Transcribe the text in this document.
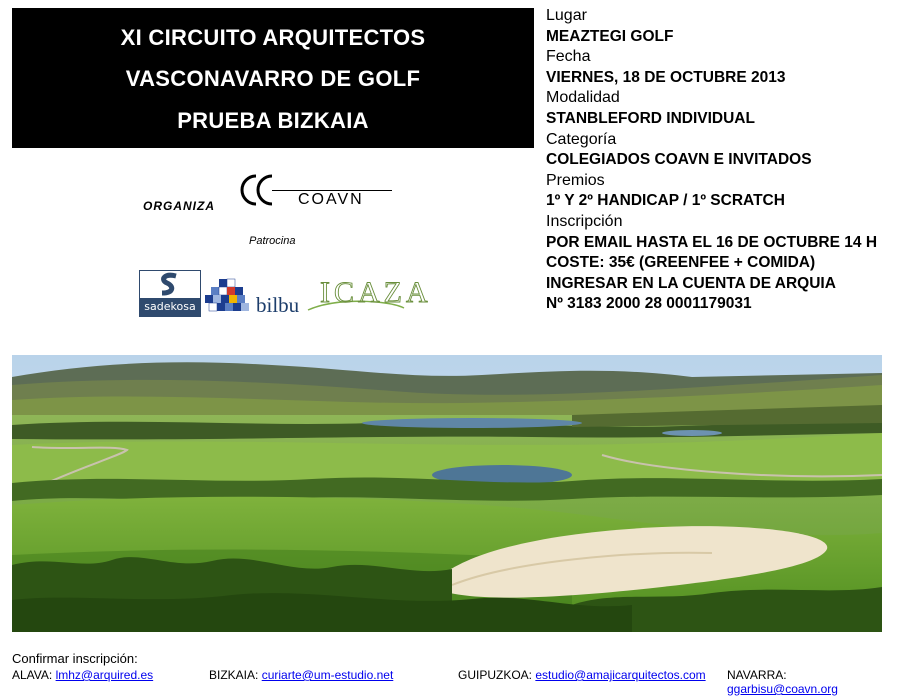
XI CIRCUITO ARQUITECTOS
VASCONAVARRO DE GOLF
PRUEBA BIZKAIA
Lugar
MEAZTEGI GOLF
Fecha
VIERNES, 18 DE OCTUBRE 2013
Modalidad
STANBLEFORD INDIVIDUAL
Categoría
COLEGIADOS COAVN E INVITADOS
Premios
1º Y 2º HANDICAP / 1º SCRATCH
Inscripción
POR EMAIL HASTA EL 16 DE OCTUBRE 14 H
COSTE: 35€ (GREENFEE + COMIDA)
INGRESAR EN LA CUENTA DE ARQUIA
Nº 3183 2000 28 0001179031
ORGANIZA	COAVN
Patrocina
sadekosa	bilbu ICAZA
Confirmar inscripción:
ALAVA: lmhz@arquired.es	BIZKAIA: curiarte@um-estudio.net	GUIPUZKOA: estudio@amajicarquitectos.com NAVARRA: ggarbisu@coavn.org
